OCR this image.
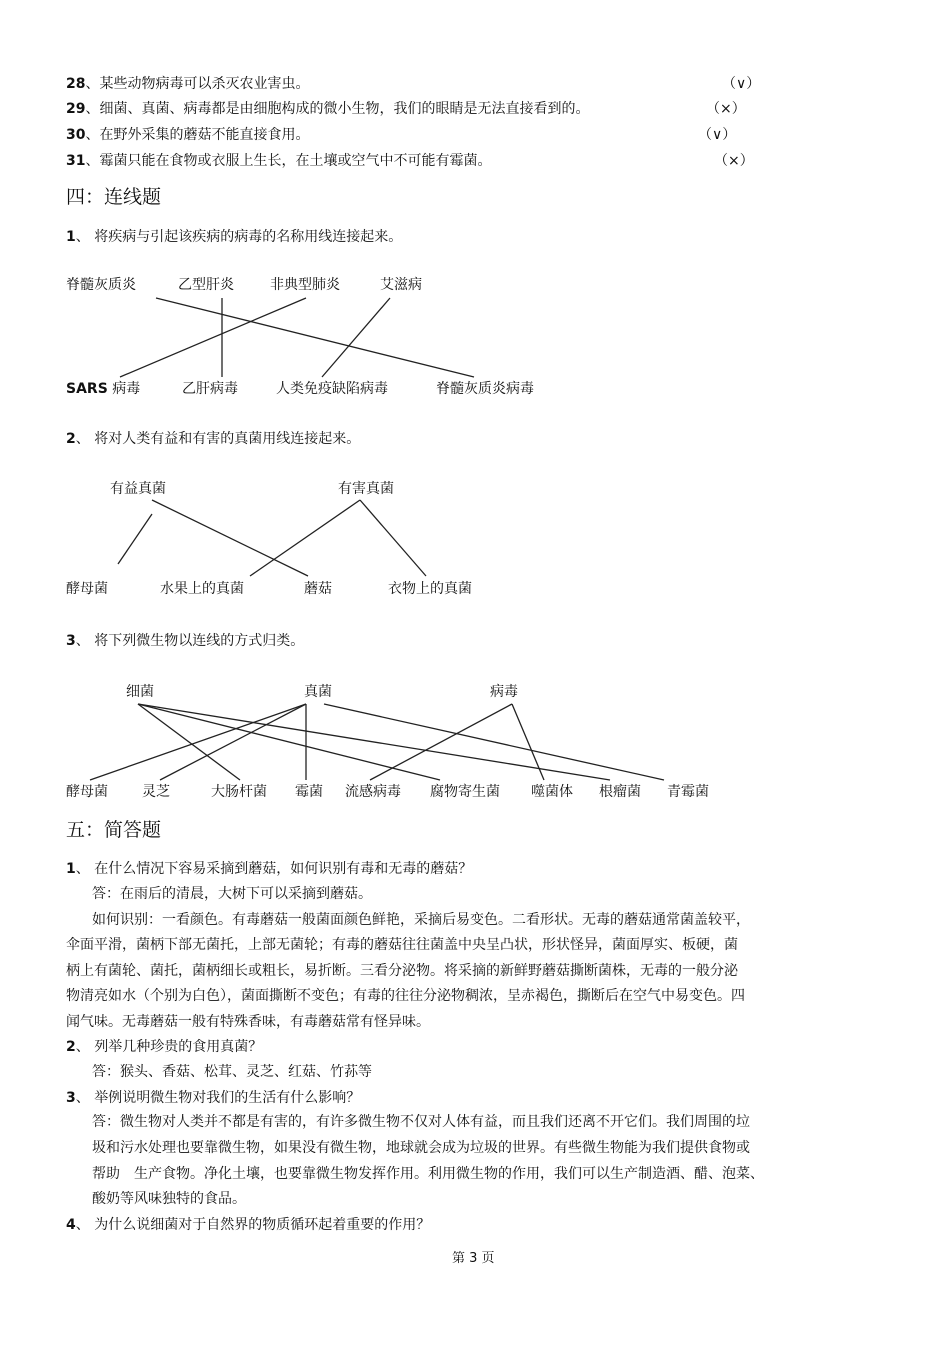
28、某些动物病毒可以杀灭农业害虫。	（∨）
29、细菌、真菌、病毒都是由细胞构成的微小生物，我们的眼睛是无法直接看到的。	（×）
30、在野外采集的蘑菇不能直接食用。	（∨）
31、霉菌只能在食物或衣服上生长，在土壤或空气中不可能有霉菌。	（×）
四：连线题
1、 将疾病与引起该疾病的病毒的名称用线连接起来。
脊髓灰质炎	乙型肝炎	非典型肺炎	艾滋病
SARS 病毒	乙肝病毒	人类免疫缺陷病毒	脊髓灰质炎病毒
2、 将对人类有益和有害的真菌用线连接起来。
有益真菌	有害真菌
酵母菌	水果上的真菌	蘑菇	衣物上的真菌
3、 将下列微生物以连线的方式归类。
细菌	真菌	病毒
酵母菌 灵芝	大肠杆菌 霉菌 流感病毒 腐物寄生菌 噬菌体 根瘤菌 青霉菌
五：简答题
1、 在什么情况下容易采摘到蘑菇，如何识别有毒和无毒的蘑菇？
答：在雨后的清晨，大树下可以采摘到蘑菇。
如何识别：一看颜色。有毒蘑菇一般菌面颜色鲜艳，采摘后易变色。二看形状。无毒的蘑菇通常菌盖较平，
伞面平滑，菌柄下部无菌托，上部无菌轮；有毒的蘑菇往往菌盖中央呈凸状，形状怪异，菌面厚实、板硬，菌
柄上有菌轮、菌托，菌柄细长或粗长，易折断。三看分泌物。将采摘的新鲜野蘑菇撕断菌株，无毒的一般分泌
物清亮如水（个别为白色），菌面撕断不变色；有毒的往往分泌物稠浓，呈赤褐色，撕断后在空气中易变色。四
闻气味。无毒蘑菇一般有特殊香味，有毒蘑菇常有怪异味。
2、 列举几种珍贵的食用真菌？
答：猴头、香菇、松茸、灵芝、红菇、竹荪等
3、 举例说明微生物对我们的生活有什么影响？
答：微生物对人类并不都是有害的，有许多微生物不仅对人体有益，而且我们还离不开它们。我们周围的垃
圾和污水处理也要靠微生物，如果没有微生物，地球就会成为垃圾的世界。有些微生物能为我们提供食物或
帮助　生产食物。净化土壤，也要靠微生物发挥作用。利用微生物的作用，我们可以生产制造酒、醋、泡菜、
酸奶等风味独特的食品。
4、 为什么说细菌对于自然界的物质循环起着重要的作用？
第 3 页
